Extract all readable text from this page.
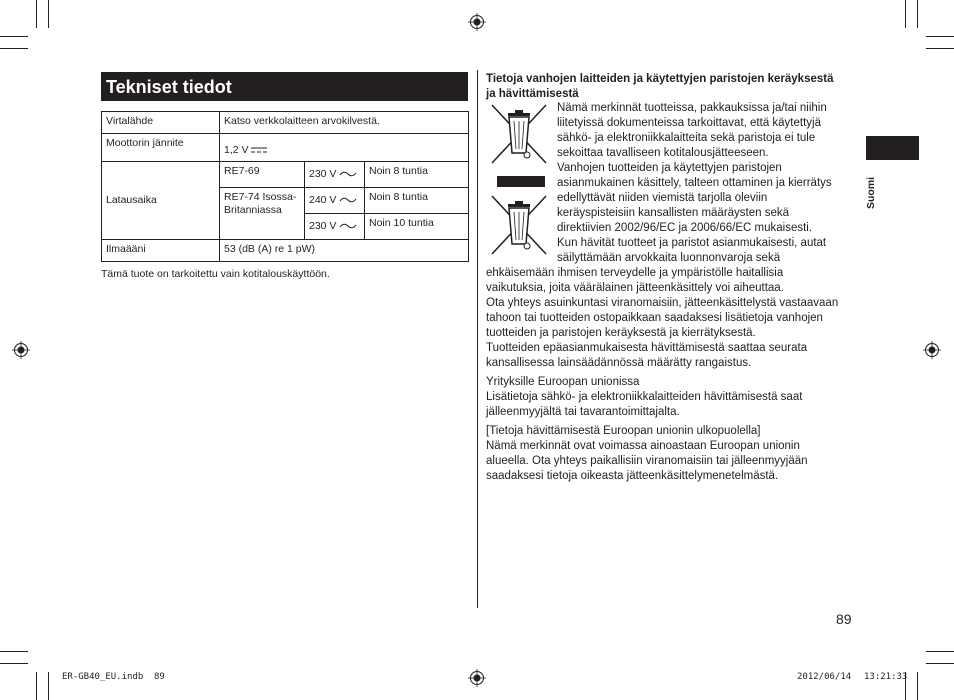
Tekniset tiedot
Virtalähde	Katso verkkolaitteen arvokilvestä.		
Moottorin jännite	1,2 V		
Latausaika	RE7-69	230 V	Noin 8 tuntia
	RE7-74 Isossa-Britanniassa	240 V	Noin 8 tuntia
		230 V	Noin 10 tuntia
Ilmaääni	53 (dB (A) re 1 pW)		
Tämä tuote on tarkoitettu vain kotitalouskäyttöön.
Tietoja vanhojen laitteiden ja käytettyjen paristojen keräyksestä
ja hävittämisestä
Nämä merkinnät tuotteissa, pakkauksissa ja/tai niihin
liitetyissä dokumenteissa tarkoittavat, että käytettyjä
sähkö- ja elektroniikkalaitteita sekä paristoja ei tule
sekoittaa tavalliseen kotitalousjätteeseen.
Vanhojen tuotteiden ja käytettyjen paristojen
asianmukainen käsittely, talteen ottaminen ja kierrätys
edellyttävät niiden viemistä tarjolla oleviin
keräyspisteisiin kansallisten määräysten sekä
direktiivien 2002/96/EC ja 2006/66/EC mukaisesti.
Kun hävität tuotteet ja paristot asianmukaisesti, autat
säilyttämään arvokkaita luonnonvaroja sekä
ehkäisemään ihmisen terveydelle ja ympäristölle haitallisia
vaikutuksia, joita väärälainen jätteenkäsittely voi aiheuttaa.
Ota yhteys asuinkuntasi viranomaisiin, jätteenkäsittelystä vastaavaan
tahoon tai tuotteiden ostopaikkaan saadaksesi lisätietoja vanhojen
tuotteiden ja paristojen keräyksestä ja kierrätyksestä.
Tuotteiden epäasianmukaisesta hävittämisestä saattaa seurata
kansallisessa lainsäädännössä määrätty rangaistus.
Yrityksille Euroopan unionissa
Lisätietoja sähkö- ja elektroniikkalaitteiden hävittämisestä saat
jälleenmyyjältä tai tavarantoimittajalta.
[Tietoja hävittämisestä Euroopan unionin ulkopuolella]
Nämä merkinnät ovat voimassa ainoastaan Euroopan unionin
alueella. Ota yhteys paikallisiin viranomaisiin tai jälleenmyyjään
saadaksesi tietoja oikeasta jätteenkäsittelymenetelmästä.
Suomi
89
ER-GB40_EU.indb 89	2012/06/14 13:21:33
